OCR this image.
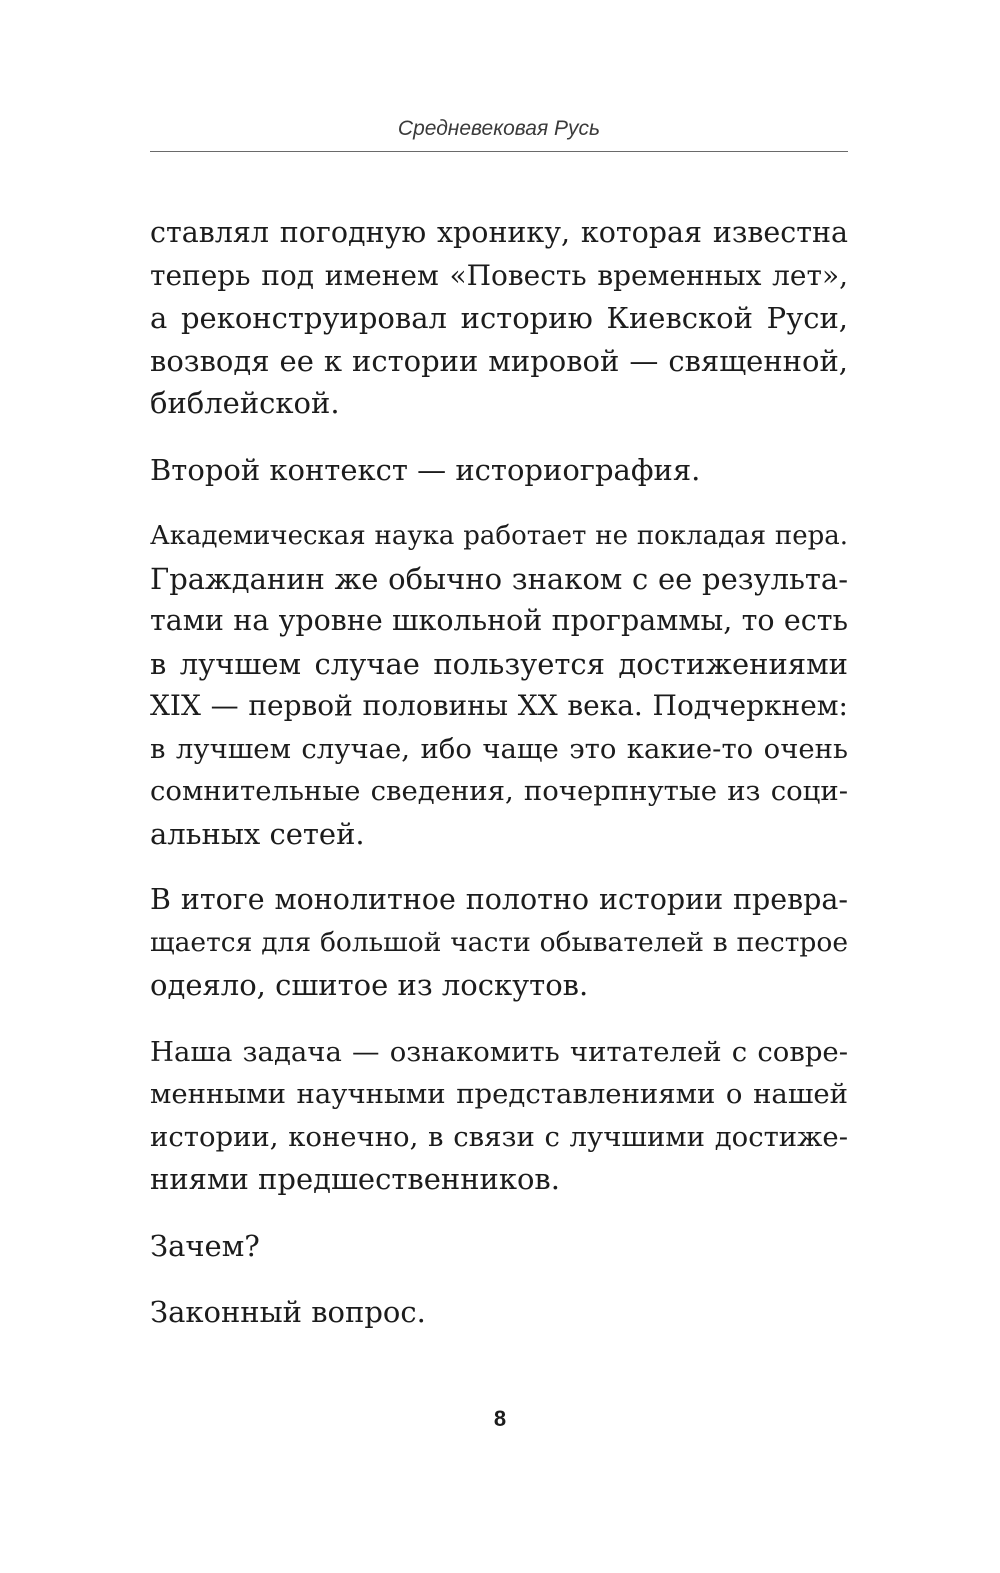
Средневековая Русь
ставлял погодную хронику, которая известна
теперь под именем «Повесть временных лет»,
а реконструировал историю Киевской Руси,
возводя ее к истории мировой — священной,
библейской.
Второй контекст — историография.
Академическая наука работает не покладая пера.
Гражданин же обычно знаком с ее результа-
тами на уровне школьной программы, то есть
в лучшем случае пользуется достижениями
XIX — первой половины XX века. Подчеркнем:
в лучшем случае, ибо чаще это какие-то очень
сомнительные сведения, почерпнутые из соци-
альных сетей.
В итоге монолитное полотно истории превра-
щается для большой части обывателей в пестрое
одеяло, сшитое из лоскутов.
Наша задача — ознакомить читателей с совре-
менными научными представлениями о нашей
истории, конечно, в связи с лучшими достиже-
ниями предшественников.
Зачем?
Законный вопрос.
8
